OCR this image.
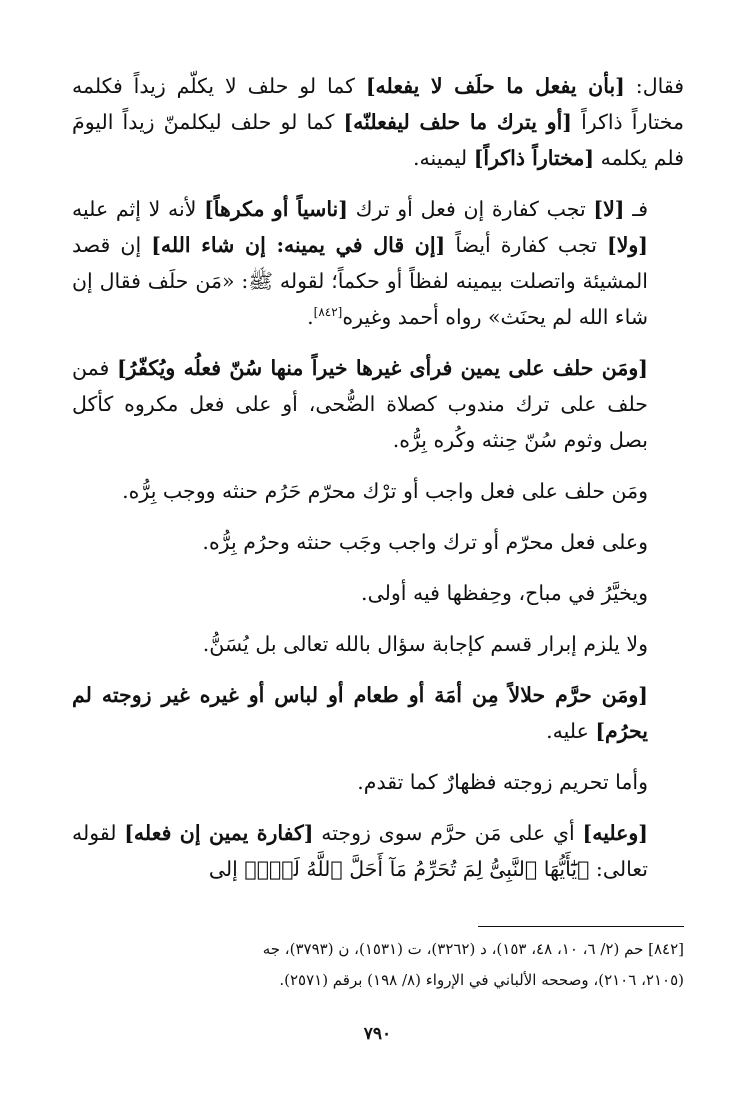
فقال: [بأن يفعل ما حلَف لا يفعله] كما لو حلف لا يكلّم زيداً فكلمه مختاراً ذاكراً [أو يترك ما حلف ليفعلنّه] كما لو حلف ليكلمنّ زيداً اليومَ فلم يكلمه [مختاراً ذاكراً] ليمينه.

فـ [لا] تجب كفارة إن فعل أو ترك [ناسياً أو مكرهاً] لأنه لا إثم عليه [ولا] تجب كفارة أيضاً [إن قال في يمينه: إن شاء الله] إن قصد المشيئة واتصلت بيمينه لفظاً أو حكماً؛ لقوله ﷺ: «مَن حلَف فقال إن شاء الله لم يحنَث» رواه أحمد وغيره[٨٤٢].

[ومَن حلف على يمين فرأى غيرها خيراً منها سُنّ فعلُه ويُكفّرُ] فمن حلف على ترك مندوب كصلاة الضُّحى، أو على فعل مكروه كأكل بصل وثوم سُنّ حِنثه وكُره بِرُّه.

ومَن حلف على فعل واجب أو ترْك محرّم حَرُم حنثه ووجب بِرُّه.

وعلى فعل محرّم أو ترك واجب وجَب حنثه وحرُم بِرُّه.

ويخيَّرُ في مباح، وحِفظها فيه أولى.

ولا يلزم إبرار قسم كإجابة سؤال بالله تعالى بل يُسَنُّ.

[ومَن حرَّم حلالاً مِن أمَة أو طعام أو لباس أو غيره غير زوجته لم يحرُم] عليه.

وأما تحريم زوجته فظهارٌ كما تقدم.

[وعليه] أي على مَن حرَّم سوى زوجته [كفارة يمين إن فعله] لقوله تعالى: ﴿يَٰٓأَيُّهَا ٱلنَّبِىُّ لِمَ تُحَرِّمُ مَآ أَحَلَّ ٱللَّهُ لَكَۖ﴾ إلى

[٨٤٢] حم (٢/ ٦، ١٠، ٤٨، ١٥٣)، د (٣٢٦٢)، ت (١٥٣١)، ن (٣٧٩٣)، جه

(٢١٠٥، ٢١٠٦)، وصححه الألباني في الإرواء (٨/ ١٩٨) برقم (٢٥٧١).

٧٩٠
